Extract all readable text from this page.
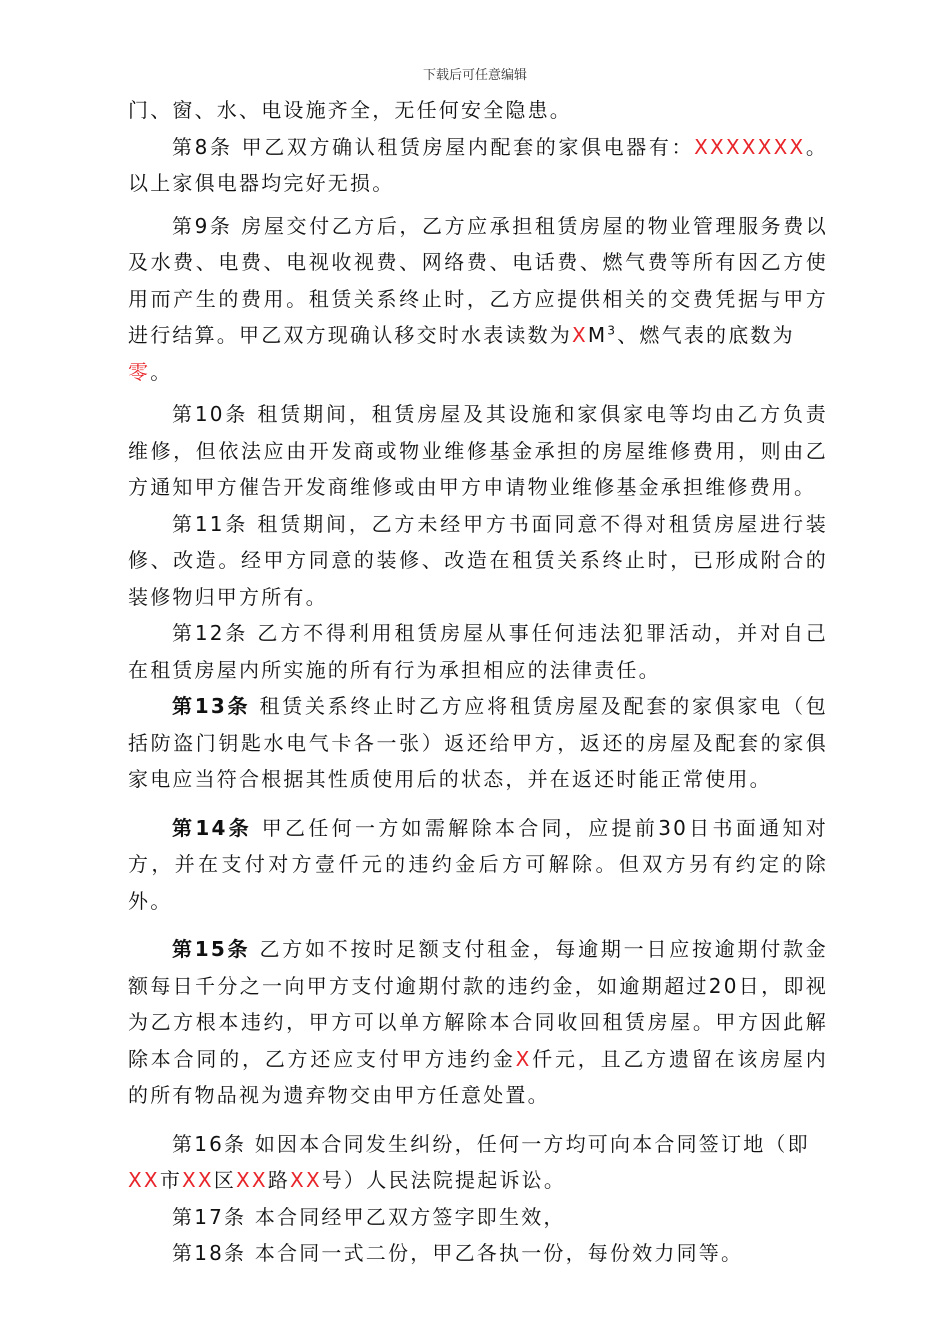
下载后可任意编辑

门、窗、水、电设施齐全，无任何安全隐患。

第8条 甲乙双方确认租赁房屋内配套的家俱电器有：XXXXXXX。以上家俱电器均完好无损。

第9条 房屋交付乙方后，乙方应承担租赁房屋的物业管理服务费以及水费、电费、电视收视费、网络费、电话费、燃气费等所有因乙方使用而产生的费用。租赁关系终止时，乙方应提供相关的交费凭据与甲方进行结算。甲乙双方现确认移交时水表读数为$XM^3$、燃气表的底数为
零。

第10条 租赁期间，租赁房屋及其设施和家俱家电等均由乙方负责维修，但依法应由开发商或物业维修基金承担的房屋维修费用，则由乙方通知甲方催告开发商维修或由甲方申请物业维修基金承担维修费用。

第11条 租赁期间，乙方未经甲方书面同意不得对租赁房屋进行装修、改造。经甲方同意的装修、改造在租赁关系终止时，已形成附合的装修物归甲方所有。

第12条 乙方不得利用租赁房屋从事任何违法犯罪活动，并对自己在租赁房屋内所实施的所有行为承担相应的法律责任。

第13条 租赁关系终止时乙方应将租赁房屋及配套的家俱家电（包括防盗门钥匙水电气卡各一张）返还给甲方，返还的房屋及配套的家俱家电应当符合根据其性质使用后的状态，并在返还时能正常使用。

第14条 甲乙任何一方如需解除本合同，应提前30日书面通知对方，并在支付对方壹仟元的违约金后方可解除。但双方另有约定的除外。

第15条 乙方如不按时足额支付租金，每逾期一日应按逾期付款金额每日千分之一向甲方支付逾期付款的违约金，如逾期超过20日，即视为乙方根本违约，甲方可以单方解除本合同收回租赁房屋。甲方因此解除本合同的，乙方还应支付甲方违约金X仟元，且乙方遗留在该房屋内的所有物品视为遗弃物交由甲方任意处置。

第16条 如因本合同发生纠纷，任何一方均可向本合同签订地（即
XX市XX区XX路XX号）人民法院提起诉讼。

第17条 本合同经甲乙双方签字即生效，

第18条 本合同一式二份，甲乙各执一份，每份效力同等。
